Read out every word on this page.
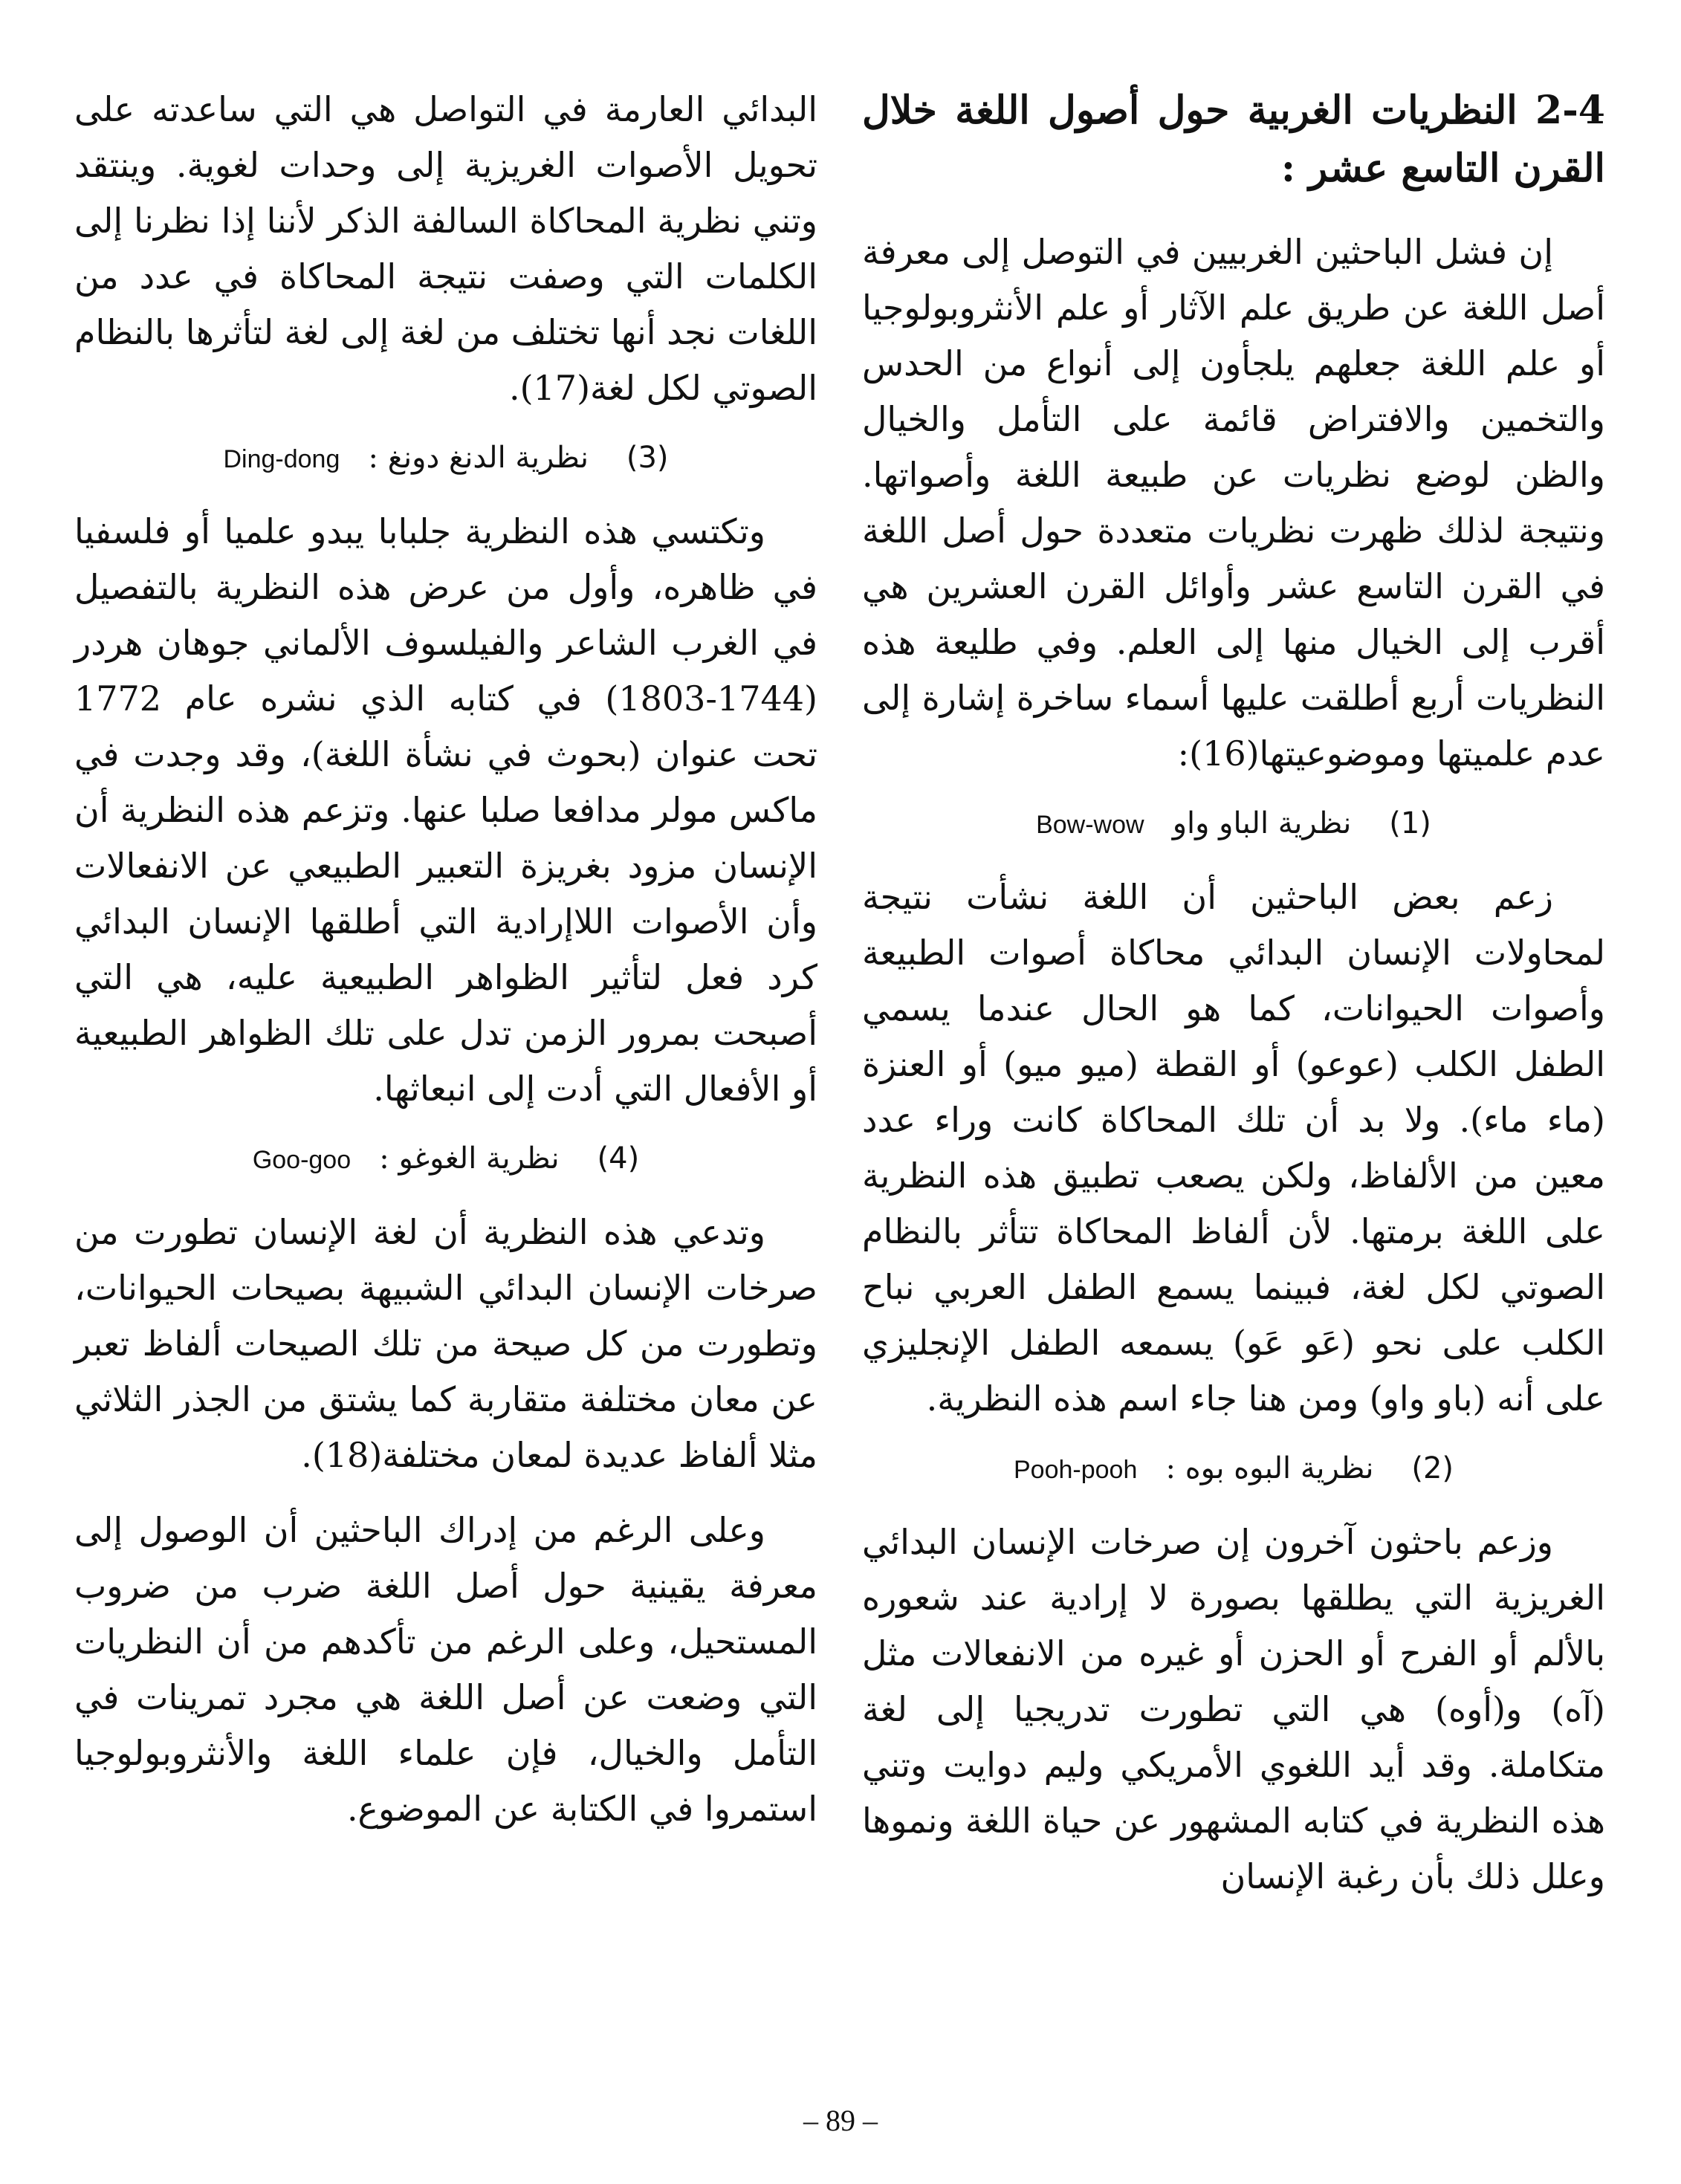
2-4 النظريات الغربية حول أصول اللغة خلال القرن التاسع عشر :

إن فشل الباحثين الغربيين في التوصل إلى معرفة أصل اللغة عن طريق علم الآثار أو علم الأنثروبولوجيا أو علم اللغة جعلهم يلجأون إلى أنواع من الحدس والتخمين والافتراض قائمة على التأمل والخيال والظن لوضع نظريات عن طبيعة اللغة وأصواتها. ونتيجة لذلك ظهرت نظريات متعددة حول أصل اللغة في القرن التاسع عشر وأوائل القرن العشرين هي أقرب إلى الخيال منها إلى العلم. وفي طليعة هذه النظريات أربع أطلقت عليها أسماء ساخرة إشارة إلى عدم علميتها وموضوعيتها(16):

(1)    نظرية الباو واو   Bow-wow

زعم بعض الباحثين أن اللغة نشأت نتيجة لمحاولات الإنسان البدائي محاكاة أصوات الطبيعة وأصوات الحيوانات، كما هو الحال عندما يسمي الطفل الكلب (عوعو) أو القطة (ميو ميو) أو العنزة (ماء ماء). ولا بد أن تلك المحاكاة كانت وراء عدد معين من الألفاظ، ولكن يصعب تطبيق هذه النظرية على اللغة برمتها. لأن ألفاظ المحاكاة تتأثر بالنظام الصوتي لكل لغة، فبينما يسمع الطفل العربي نباح الكلب على نحو (عَو عَو) يسمعه الطفل الإنجليزي على أنه (باو واو) ومن هنا جاء اسم هذه النظرية.

(2)    نظرية البوه بوه :   Pooh-pooh

وزعم باحثون آخرون إن صرخات الإنسان البدائي الغريزية التي يطلقها بصورة لا إرادية عند شعوره بالألم أو الفرح أو الحزن أو غيره من الانفعالات مثل (آه) و(أوه) هي التي تطورت تدريجيا إلى لغة متكاملة. وقد أيد اللغوي الأمريكي وليم دوايت وتني هذه النظرية في كتابه المشهور عن حياة اللغة ونموها وعلل ذلك بأن رغبة الإنسان

البدائي العارمة في التواصل هي التي ساعدته على تحويل الأصوات الغريزية إلى وحدات لغوية. وينتقد وتني نظرية المحاكاة السالفة الذكر لأننا إذا نظرنا إلى الكلمات التي وصفت نتيجة المحاكاة في عدد من اللغات نجد أنها تختلف من لغة إلى لغة لتأثرها بالنظام الصوتي لكل لغة(17).

(3)    نظرية الدنغ دونغ :   Ding-dong

وتكتسي هذه النظرية جلبابا يبدو علميا أو فلسفيا في ظاهره، وأول من عرض هذه النظرية بالتفصيل في الغرب الشاعر والفيلسوف الألماني جوهان هردر (1744-1803) في كتابه الذي نشره عام 1772 تحت عنوان (بحوث في نشأة اللغة)، وقد وجدت في ماكس مولر مدافعا صلبا عنها. وتزعم هذه النظرية أن الإنسان مزود بغريزة التعبير الطبيعي عن الانفعالات وأن الأصوات اللاإرادية التي أطلقها الإنسان البدائي كرد فعل لتأثير الظواهر الطبيعية عليه، هي التي أصبحت بمرور الزمن تدل على تلك الظواهر الطبيعية أو الأفعال التي أدت إلى انبعاثها.

(4)    نظرية الغوغو :   Goo-goo

وتدعي هذه النظرية أن لغة الإنسان تطورت من صرخات الإنسان البدائي الشبيهة بصيحات الحيوانات، وتطورت من كل صيحة من تلك الصيحات ألفاظ تعبر عن معان مختلفة متقاربة كما يشتق من الجذر الثلاثي مثلا ألفاظ عديدة لمعان مختلفة(18).

وعلى الرغم من إدراك الباحثين أن الوصول إلى معرفة يقينية حول أصل اللغة ضرب من ضروب المستحيل، وعلى الرغم من تأكدهم من أن النظريات التي وضعت عن أصل اللغة هي مجرد تمرينات في التأمل والخيال، فإن علماء اللغة والأنثروبولوجيا استمروا في الكتابة عن الموضوع.

– 89 –
